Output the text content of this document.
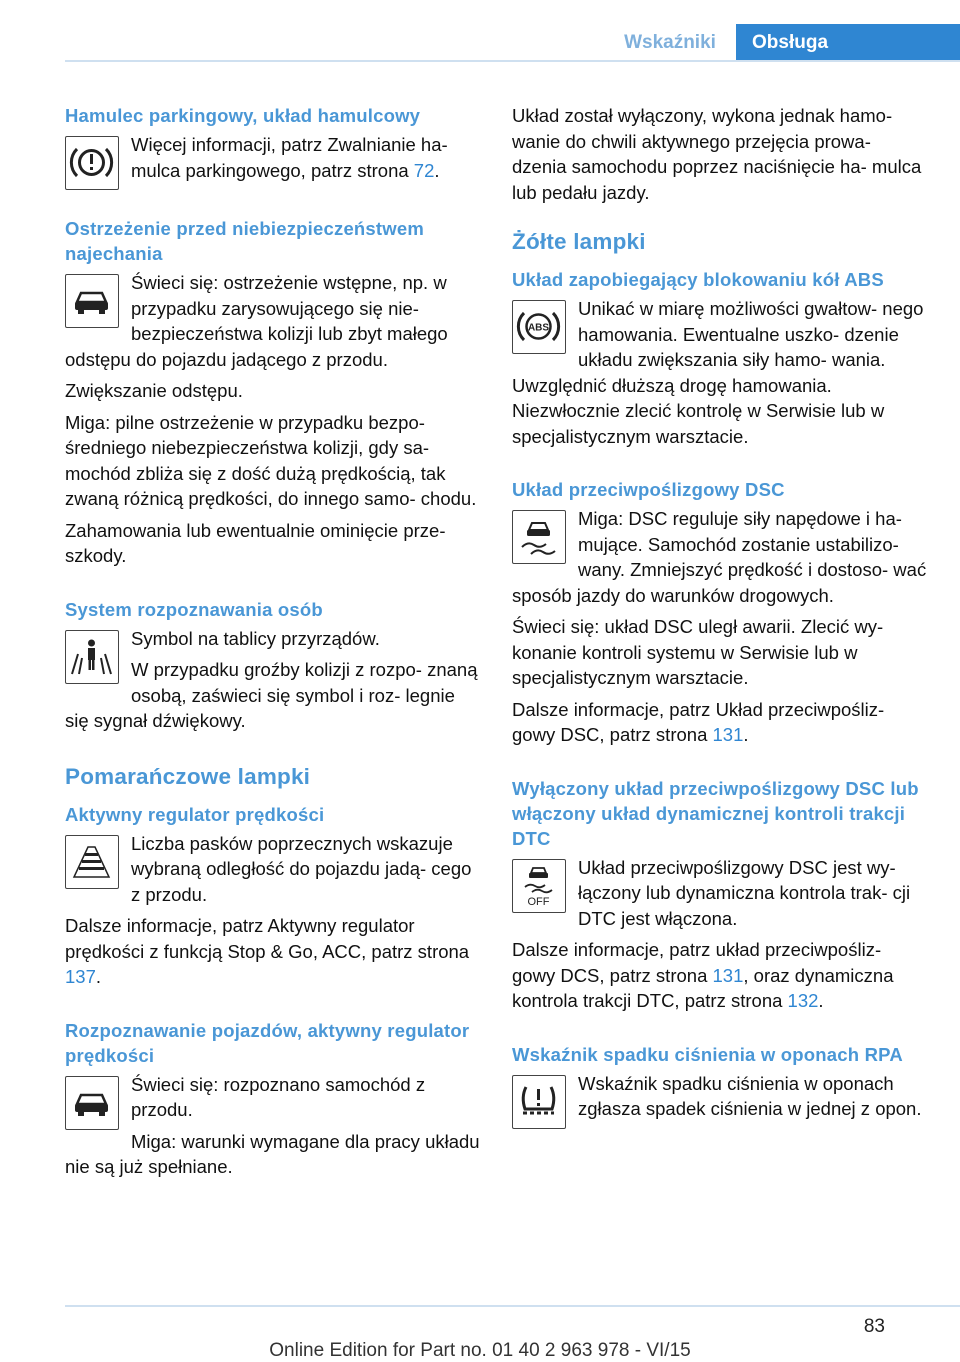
Wskaźniki	Obsługa
Hamulec parkingowy, układ hamulcowy
Więcej informacji, patrz Zwalnianie ha‐ mulca parkingowego, patrz strona 72.
Ostrzeżenie przed niebiezpieczeństwem najechania
Świeci się: ostrzeżenie wstępne, np. w przypadku zarysowującego się nie‐ bezpieczeństwa kolizji lub zbyt małego odstępu do pojazdu jadącego z przodu.
Zwiększanie odstępu.
Miga: pilne ostrzeżenie w przypadku bezpo‐ średniego niebezpieczeństwa kolizji, gdy sa‐ mochód zbliża się z dość dużą prędkością, tak zwaną różnicą prędkości, do innego samo‐ chodu.
Zahamowania lub ewentualnie ominięcie prze‐ szkody.
System rozpoznawania osób
Symbol na tablicy przyrządów.
W przypadku groźby kolizji z rozpo‐ znaną osobą, zaświeci się symbol i roz‐ legnie się sygnał dźwiękowy.
Pomarańczowe lampki
Aktywny regulator prędkości
Liczba pasków poprzecznych wskazuje wybraną odległość do pojazdu jadą‐ cego z przodu.
Dalsze informacje, patrz Aktywny regulator prędkości z funkcją Stop & Go, ACC, patrz strona 137.
Rozpoznawanie pojazdów, aktywny regulator prędkości
Świeci się: rozpoznano samochód z przodu.
Miga: warunki wymagane dla pracy układu nie są już spełniane.
Układ został wyłączony, wykona jednak hamo‐ wanie do chwili aktywnego przejęcia prowa‐ dzenia samochodu poprzez naciśnięcie ha‐ mulca lub pedału jazdy.
Żółte lampki
Układ zapobiegający blokowaniu kół ABS
ABS
Unikać w miarę możliwości gwałtow‐ nego hamowania. Ewentualne uszko‐ dzenie układu zwiększania siły hamo‐ wania. Uwzględnić dłuższą drogę hamowania. Niezwłocznie zlecić kontrolę w Serwisie lub w specjalistycznym warsztacie.
Układ przeciwpoślizgowy DSC
Miga: DSC reguluje siły napędowe i ha‐ mujące. Samochód zostanie ustabilizo‐ wany. Zmniejszyć prędkość i dostoso‐ wać sposób jazdy do warunków drogowych.
Świeci się: układ DSC uległ awarii. Zlecić wy‐ konanie kontroli systemu w Serwisie lub w specjalistycznym warsztacie.
Dalsze informacje, patrz Układ przeciwpośliz‐ gowy DSC, patrz strona 131.
Wyłączony układ przeciwpoślizgowy DSC lub włączony układ dynamicznej kontroli trakcji DTC
OFF
Układ przeciwpoślizgowy DSC jest wy‐ łączony lub dynamiczna kontrola trak‐ cji DTC jest włączona.
Dalsze informacje, patrz układ przeciwpośliz‐ gowy DCS, patrz strona 131, oraz dynamiczna kontrola trakcji DTC, patrz strona 132.
Wskaźnik spadku ciśnienia w oponach RPA
Wskaźnik spadku ciśnienia w oponach zgłasza spadek ciśnienia w jednej z opon.
83
Online Edition for Part no. 01 40 2 963 978 - VI/15
